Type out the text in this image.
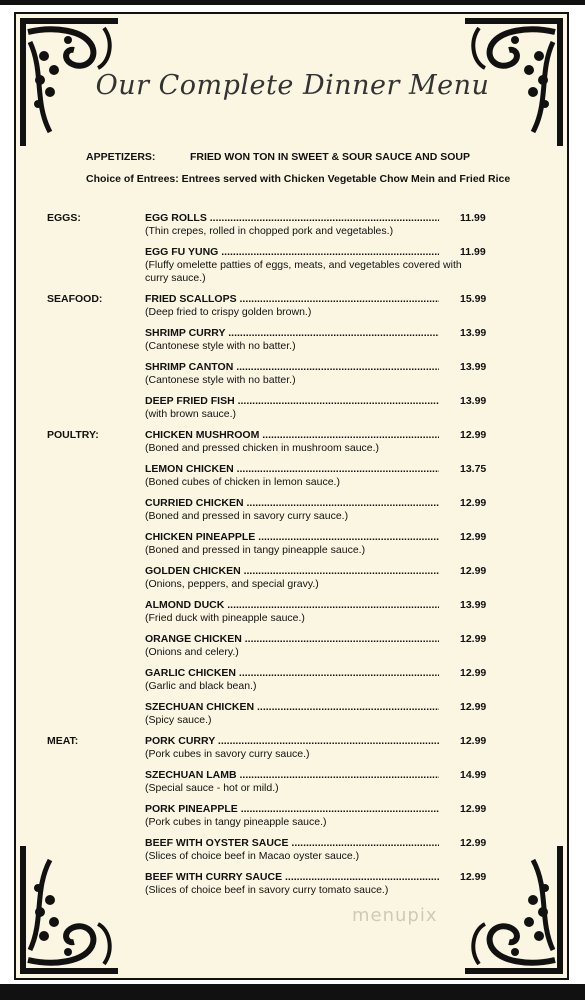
Our Complete Dinner Menu
APPETIZERS:	FRIED WON TON IN SWEET & SOUR SAUCE AND SOUP
Choice of Entrees: Entrees served with Chicken Vegetable Chow Mein and Fried Rice
EGGS:	EGG ROLLS .....	11.99
(Thin crepes, rolled in chopped pork and vegetables.)
EGG FU YUNG .....	11.99
(Fluffy omelette patties of eggs, meats, and vegetables covered with curry sauce.)
SEAFOOD:	FRIED SCALLOPS .....	15.99
(Deep fried to crispy golden brown.)
SHRIMP CURRY .....	13.99
(Cantonese style with no batter.)
SHRIMP CANTON .....	13.99
(Cantonese style with no batter.)
DEEP FRIED FISH .....	13.99
(with brown sauce.)
POULTRY:	CHICKEN MUSHROOM .....	12.99
(Boned and pressed chicken in mushroom sauce.)
LEMON CHICKEN .....	13.75
(Boned cubes of chicken in lemon sauce.)
CURRIED CHICKEN .....	12.99
(Boned and pressed in savory curry sauce.)
CHICKEN PINEAPPLE .....	12.99
(Boned and pressed in tangy pineapple sauce.)
GOLDEN CHICKEN .....	12.99
(Onions, peppers, and special gravy.)
ALMOND DUCK .....	13.99
(Fried duck with pineapple sauce.)
ORANGE CHICKEN .....	12.99
(Onions and celery.)
GARLIC CHICKEN .....	12.99
(Garlic and black bean.)
SZECHUAN CHICKEN .....	12.99
(Spicy sauce.)
MEAT:	PORK CURRY .....	12.99
(Pork cubes in savory curry sauce.)
SZECHUAN LAMB .....	14.99
(Special sauce - hot or mild.)
PORK PINEAPPLE .....	12.99
(Pork cubes in tangy pineapple sauce.)
BEEF WITH OYSTER SAUCE .....	12.99
(Slices of choice beef in Macao oyster sauce.)
BEEF WITH CURRY SAUCE .....	12.99
(Slices of choice beef in savory curry tomato sauce.)
menupix
